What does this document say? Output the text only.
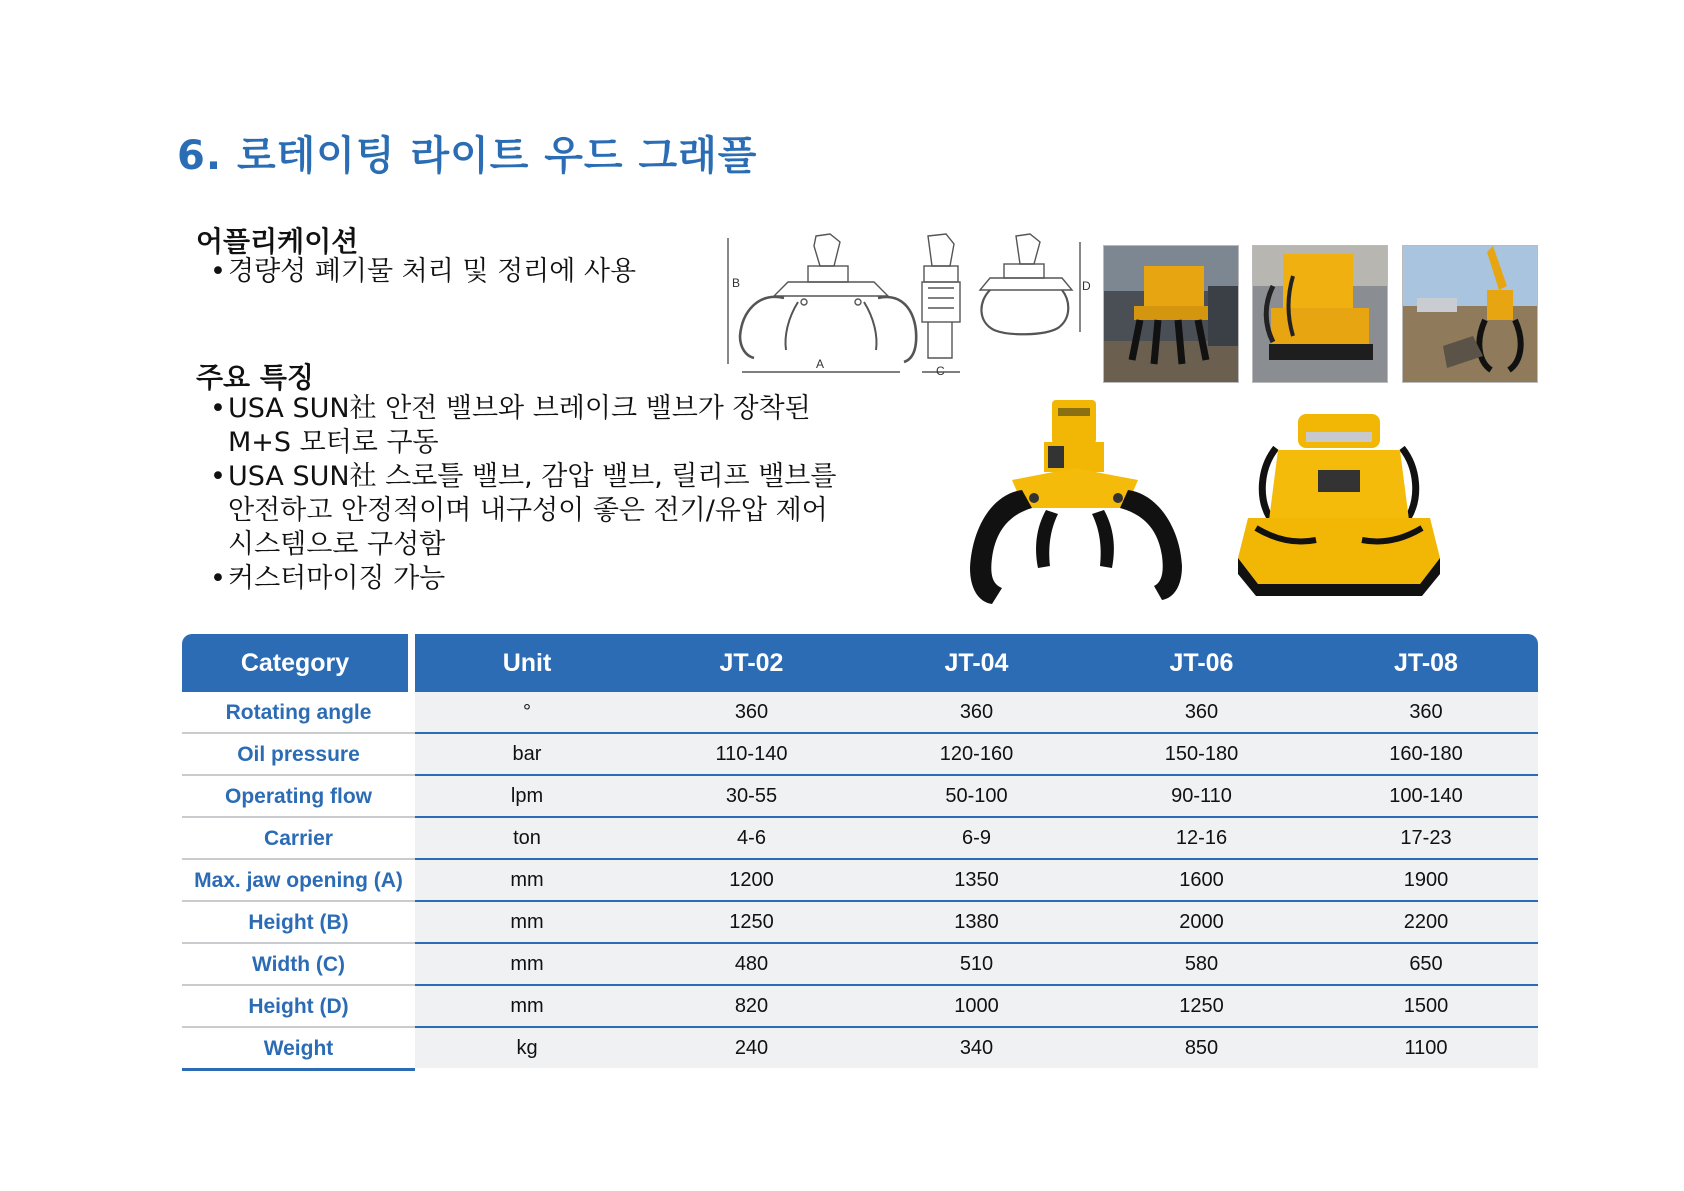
6. 로테이팅 라이트 우드 그래플
어플리케이션
• 경량성 폐기물 처리 및 정리에 사용
주요 특징
• USA SUN社 안전 밸브와 브레이크 밸브가 장착된
M+S 모터로 구동
• USA SUN社 스로틀 밸브, 감압 밸브, 릴리프 밸브를
안전하고 안정적이며 내구성이 좋은 전기/유압 제어
시스템으로 구성함
• 커스터마이징 가능
B
A	C
D
Category	Unit	JT-02	JT-04	JT-06	JT-08
Rotating angle	°	360	360	360	360
Oil pressure	bar	110-140	120-160	150-180	160-180
Operating flow	lpm	30-55	50-100	90-110	100-140
Carrier	ton	4-6	6-9	12-16	17-23
Max. jaw opening (A)	mm	1200	1350	1600	1900
Height (B)	mm	1250	1380	2000	2200
Width (C)	mm	480	510	580	650
Height (D)	mm	820	1000	1250	1500
Weight	kg	240	340	850	1100
